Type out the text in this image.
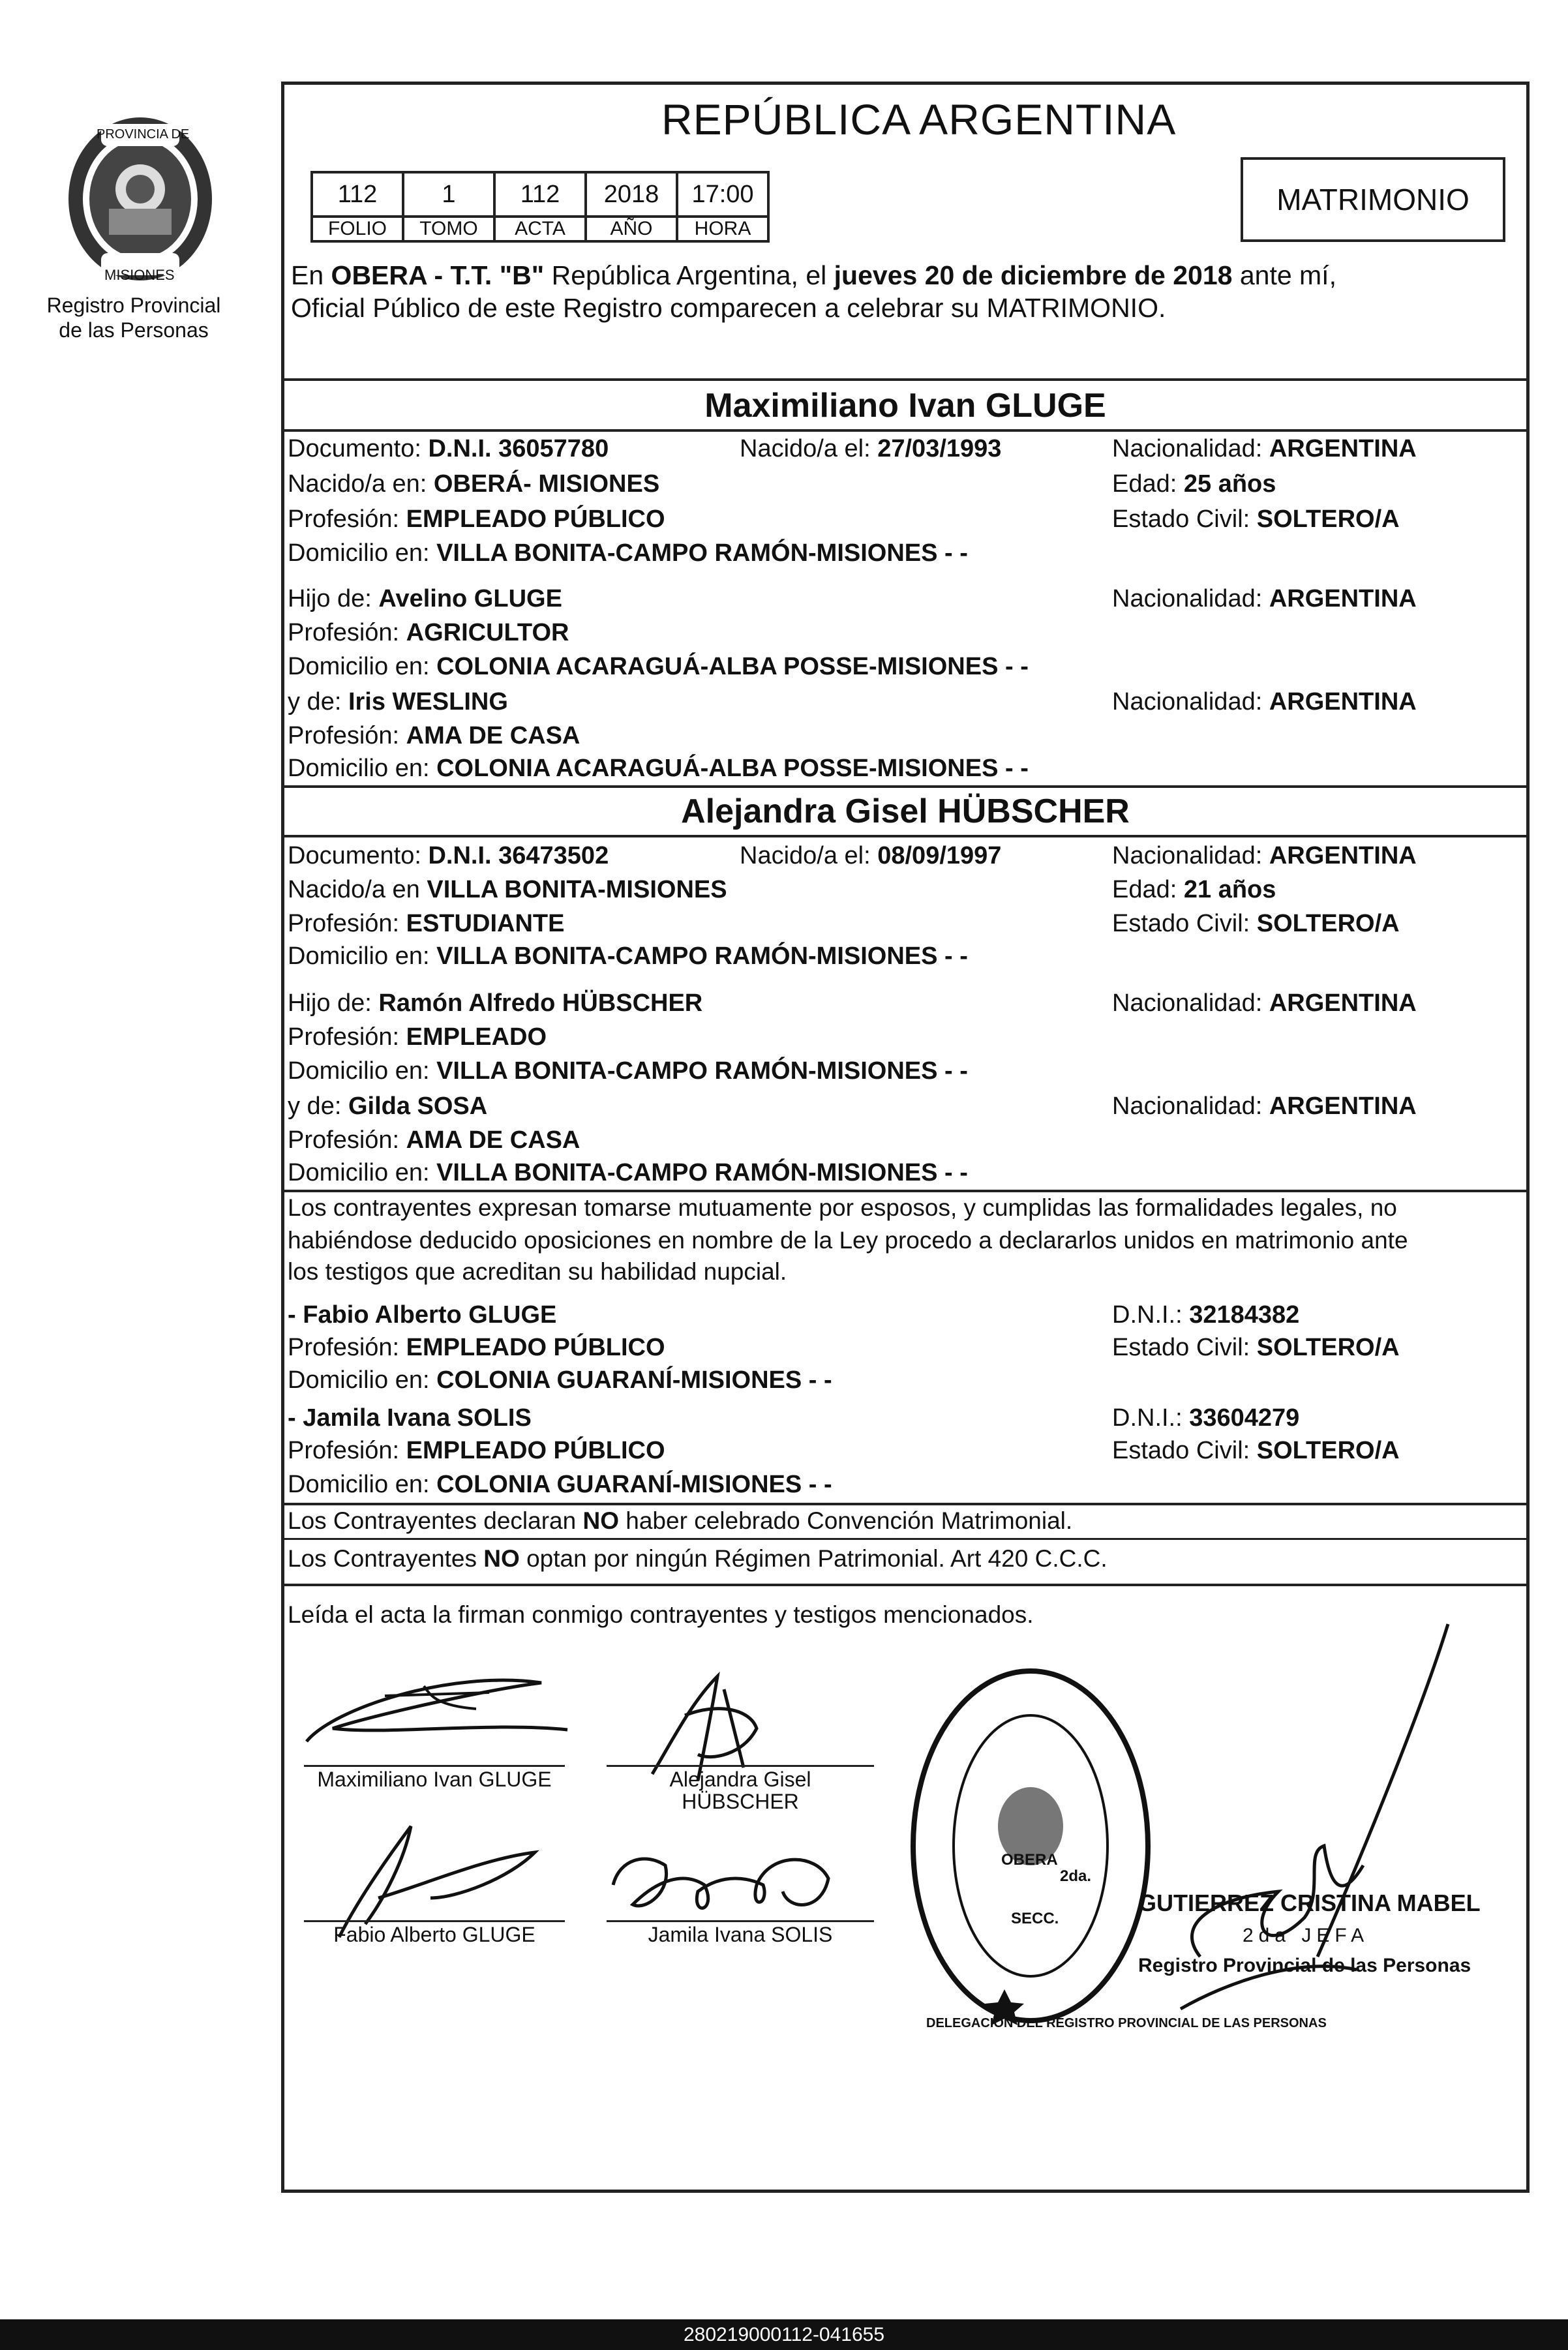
PROVINCIA DE
MISIONES
Registro Provincial
de las Personas
REPÚBLICA ARGENTINA
112	1	112	2018	17:00
FOLIO	TOMO	ACTA	AÑO	HORA
MATRIMONIO
En OBERA - T.T. "B" República Argentina, el jueves 20 de diciembre de 2018 ante mí,
Oficial Público de este Registro comparecen a celebrar su MATRIMONIO.
Maximiliano Ivan GLUGE
Documento: D.N.I. 36057780	Nacido/a el: 27/03/1993	Nacionalidad: ARGENTINA
Nacido/a en: OBERÁ- MISIONES	Edad: 25 años
Profesión: EMPLEADO PÚBLICO	Estado Civil: SOLTERO/A
Domicilio en: VILLA BONITA-CAMPO RAMÓN-MISIONES - -
Hijo de: Avelino GLUGE	Nacionalidad: ARGENTINA
Profesión: AGRICULTOR
Domicilio en: COLONIA ACARAGUÁ-ALBA POSSE-MISIONES - -
y de: Iris WESLING	Nacionalidad: ARGENTINA
Profesión: AMA DE CASA
Domicilio en: COLONIA ACARAGUÁ-ALBA POSSE-MISIONES - -
Alejandra Gisel HÜBSCHER
Documento: D.N.I. 36473502	Nacido/a el: 08/09/1997	Nacionalidad: ARGENTINA
Nacido/a en VILLA BONITA-MISIONES	Edad: 21 años
Profesión: ESTUDIANTE	Estado Civil: SOLTERO/A
Domicilio en: VILLA BONITA-CAMPO RAMÓN-MISIONES - -
Hijo de: Ramón Alfredo HÜBSCHER	Nacionalidad: ARGENTINA
Profesión: EMPLEADO
Domicilio en: VILLA BONITA-CAMPO RAMÓN-MISIONES - -
y de: Gilda SOSA	Nacionalidad: ARGENTINA
Profesión: AMA DE CASA
Domicilio en: VILLA BONITA-CAMPO RAMÓN-MISIONES - -
Los contrayentes expresan tomarse mutuamente por esposos, y cumplidas las formalidades legales, no
habiéndose deducido oposiciones en nombre de la Ley procedo a declararlos unidos en matrimonio ante
los testigos que acreditan su habilidad nupcial.
- Fabio Alberto GLUGE	D.N.I.: 32184382
Profesión: EMPLEADO PÚBLICO	Estado Civil: SOLTERO/A
Domicilio en: COLONIA GUARANÍ-MISIONES - -
- Jamila Ivana SOLIS	D.N.I.: 33604279
Profesión: EMPLEADO PÚBLICO	Estado Civil: SOLTERO/A
Domicilio en: COLONIA GUARANÍ-MISIONES - -
Los Contrayentes declaran NO haber celebrado Convención Matrimonial.
Los Contrayentes NO optan por ningún Régimen Patrimonial. Art 420 C.C.C.
Leída el acta la firman conmigo contrayentes y testigos mencionados.
Maximiliano Ivan GLUGE	Alejandra Gisel
HÜBSCHER
Fabio Alberto GLUGE	Jamila Ivana SOLIS
DELEGACION DEL REGISTRO PROVINCIAL DE LAS PERSONAS
OBERA
2da.
SECC.
GUTIERREZ CRISTINA MABEL
2da JEFA
Registro Provincial de las Personas
280219000112-041655
